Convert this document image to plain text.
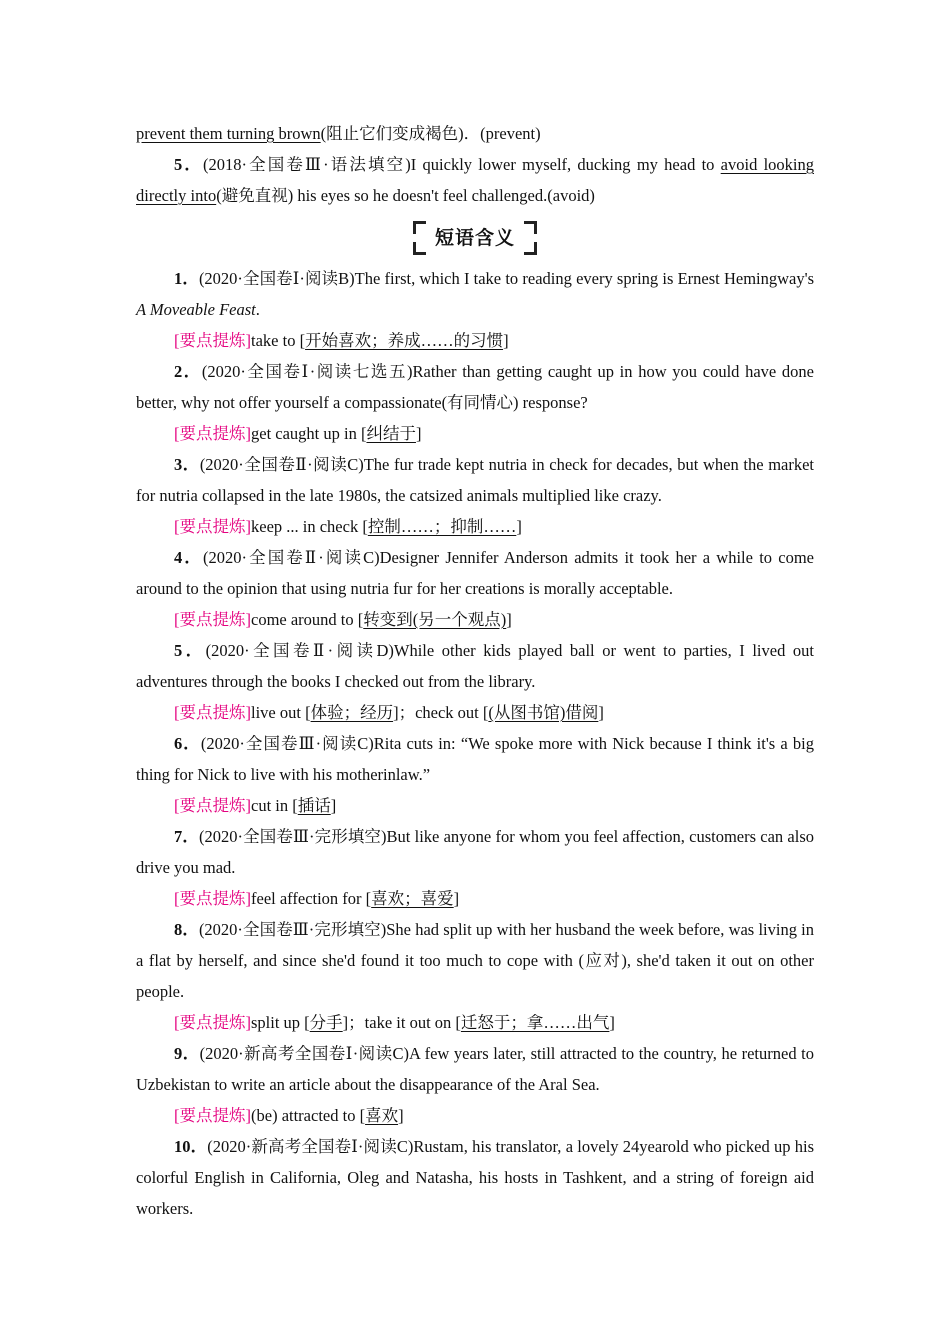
prevent them turning brown(阻止它们变成褐色)．(prevent)

5．(2018·全国卷Ⅲ·语法填空)I quickly lower myself, ducking my head to avoid looking directly into(避免直视) his eyes so he doesn't feel challenged.(avoid)

短语含义

1．(2020·全国卷Ⅰ·阅读B)The first, which I take to reading every spring is Ernest Hemingway's A Moveable Feast.

[要点提炼]take to [开始喜欢；养成……的习惯]

2．(2020·全国卷Ⅰ·阅读七选五)Rather than getting caught up in how you could have done better, why not offer yourself a compassionate(有同情心) response?

[要点提炼]get caught up in [纠结于]

3．(2020·全国卷Ⅱ·阅读C)The fur trade kept nutria in check for decades, but when the market for nutria collapsed in the late 1980s, the catsized animals multiplied like crazy.

[要点提炼]keep ... in check [控制……；抑制……]

4．(2020·全国卷Ⅱ·阅读C)Designer Jennifer Anderson admits it took her a while to come around to the opinion that using nutria fur for her creations is morally acceptable.

[要点提炼]come around to [转变到(另一个观点)]

5．(2020·全国卷Ⅱ·阅读D)While other kids played ball or went to parties, I lived out adventures through the books I checked out from the library.

[要点提炼]live out [体验；经历]；check out [(从图书馆)借阅]

6．(2020·全国卷Ⅲ·阅读C)Rita cuts in: “We spoke more with Nick because I think it's a big thing for Nick to live with his motherinlaw.”

[要点提炼]cut in [插话]

7．(2020·全国卷Ⅲ·完形填空)But like anyone for whom you feel affection, customers can also drive you mad.

[要点提炼]feel affection for [喜欢；喜爱]

8．(2020·全国卷Ⅲ·完形填空)She had split up with her husband the week before, was living in a flat by herself, and since she'd found it too much to cope with (应对), she'd taken it out on other people.

[要点提炼]split up [分手]；take it out on [迁怒于；拿……出气]

9．(2020·新高考全国卷Ⅰ·阅读C)A few years later, still attracted to the country, he returned to Uzbekistan to write an article about the disappearance of the Aral Sea.

[要点提炼](be) attracted to [喜欢]

10．(2020·新高考全国卷Ⅰ·阅读C)Rustam, his translator, a lovely 24yearold who picked up his colorful English in California, Oleg and Natasha, his hosts in Tashkent, and a string of foreign aid workers.
